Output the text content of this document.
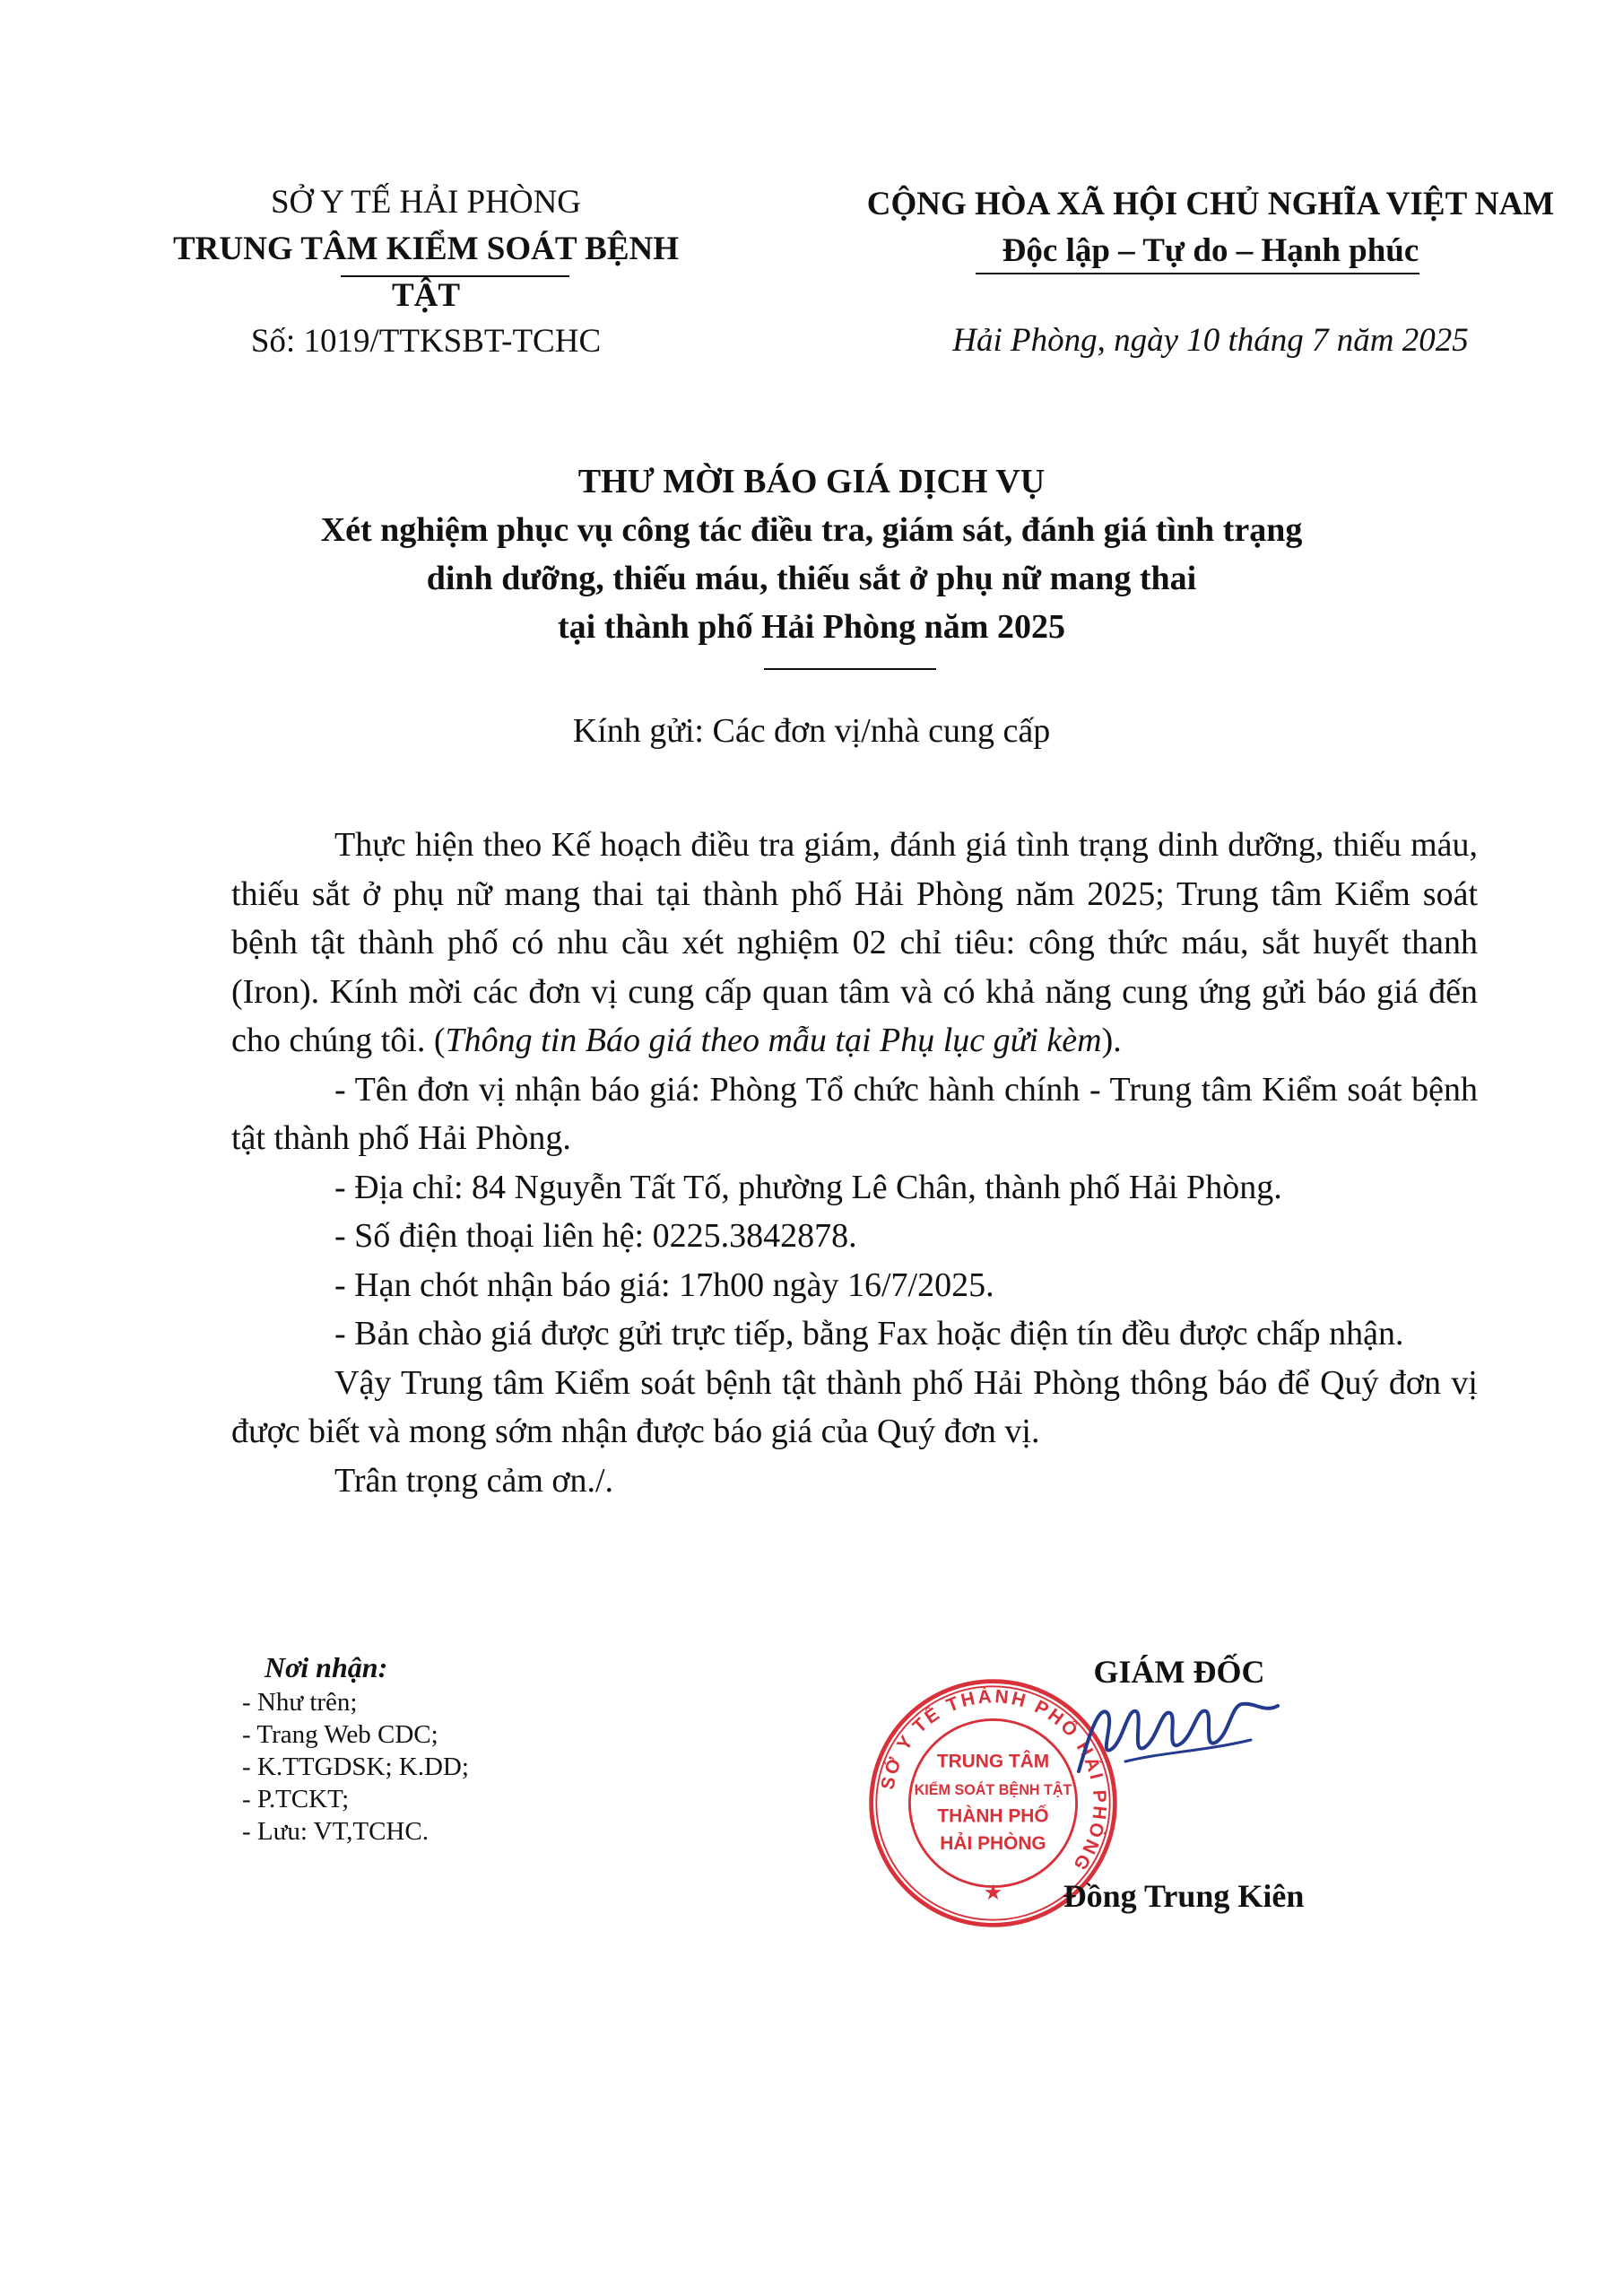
SỞ Y TẾ HẢI PHÒNG
TRUNG TÂM KIỂM SOÁT BỆNH TẬT
CỘNG HÒA XÃ HỘI CHỦ NGHĨA VIỆT NAM
Độc lập – Tự do – Hạnh phúc
Số: 1019/TTKSBT-TCHC	Hải Phòng, ngày 10 tháng 7 năm 2025
THƯ MỜI BÁO GIÁ DỊCH VỤ
Xét nghiệm phục vụ công tác điều tra, giám sát, đánh giá tình trạng
dinh dưỡng, thiếu máu, thiếu sắt ở phụ nữ mang thai
tại thành phố Hải Phòng năm 2025
Kính gửi: Các đơn vị/nhà cung cấp

Thực hiện theo Kế hoạch điều tra giám, đánh giá tình trạng dinh dưỡng, thiếu máu, thiếu sắt ở phụ nữ mang thai tại thành phố Hải Phòng năm 2025; Trung tâm Kiểm soát bệnh tật thành phố có nhu cầu xét nghiệm 02 chỉ tiêu: công thức máu, sắt huyết thanh (Iron). Kính mời các đơn vị cung cấp quan tâm và có khả năng cung ứng gửi báo giá đến cho chúng tôi. (Thông tin Báo giá theo mẫu tại Phụ lục gửi kèm).

- Tên đơn vị nhận báo giá: Phòng Tổ chức hành chính - Trung tâm Kiểm soát bệnh tật thành phố Hải Phòng.

- Địa chỉ: 84 Nguyễn Tất Tố, phường Lê Chân, thành phố Hải Phòng.

- Số điện thoại liên hệ: 0225.3842878.

- Hạn chót nhận báo giá: 17h00 ngày 16/7/2025.

- Bản chào giá được gửi trực tiếp, bằng Fax hoặc điện tín đều được chấp nhận.

Vậy Trung tâm Kiểm soát bệnh tật thành phố Hải Phòng thông báo để Quý đơn vị được biết và mong sớm nhận được báo giá của Quý đơn vị.

Trân trọng cảm ơn./.

Nơi nhận:
- Như trên;
- Trang Web CDC;
- K.TTGDSK; K.DD;
- P.TCKT;
- Lưu: VT,TCHC.
GIÁM ĐỐC
SỞ Y TẾ THÀNH PHỐ HẢI PHÒNG
TRUNG TÂM
KIỂM SOÁT BỆNH TẬT
THÀNH PHỐ
HẢI PHÒNG
★	Đồng Trung Kiên
